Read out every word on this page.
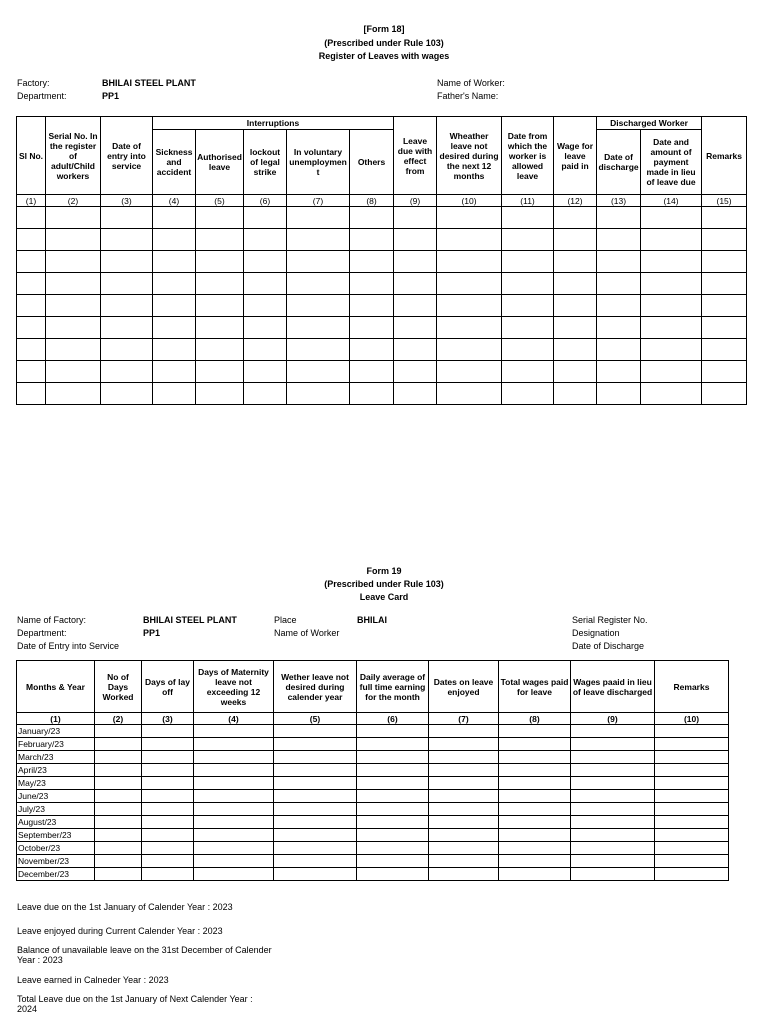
[Form 18]
(Prescribed under Rule 103)
Register of Leaves with wages
Factory:	BHILAI STEEL PLANT
Department:	PP1
Name of Worker:
Father's Name:
Sl No.	Serial No. In the register of adult/Child workers	Date of entry into service	Interruptions					Leave due with effect from	Wheather leave not desired during the next 12 months	Date from which the worker is allowed leave	Wage for leave paid in	Discharged Worker		Remarks
			Sickness and accident	Authorised leave	lockout of legal strike	In voluntary unemploymen t	Others					Date of discharge	Date and amount of payment made in lieu of leave due	
(1)	(2)	(3)	(4)	(5)	(6)	(7)	(8)	(9)	(10)	(11)	(12)	(13)	(14)	(15)

Form 19
(Prescribed under Rule 103)
Leave Card
Name of Factory:	BHILAI STEEL PLANT
Department:	PP1
Date of Entry into Service
Place	BHILAI
Name of Worker
Serial Register No.
Designation
Date of Discharge
Months & Year	No of Days Worked	Days of lay off	Days of Maternity leave not exceeding 12 weeks	Wether leave not desired during calender year	Daily average of full time earning for the month	Dates on leave enjoyed	Total wages paid for leave	Wages paaid in lieu of leave discharged	Remarks
(1)	(2)	(3)	(4)	(5)	(6)	(7)	(8)	(9)	(10)
January/23									
February/23									
March/23									
April/23									
May/23									
June/23									
July/23									
August/23									
September/23									
October/23									
November/23									
December/23									
Leave due on the 1st January of Calender Year : 2023
Leave enjoyed during Current Calender Year : 2023
Balance of unavailable leave on the 31st December of Calender
Year : 2023
Leave earned in Calneder Year : 2023
Total Leave due on the 1st January of Next Calender Year :
2024
